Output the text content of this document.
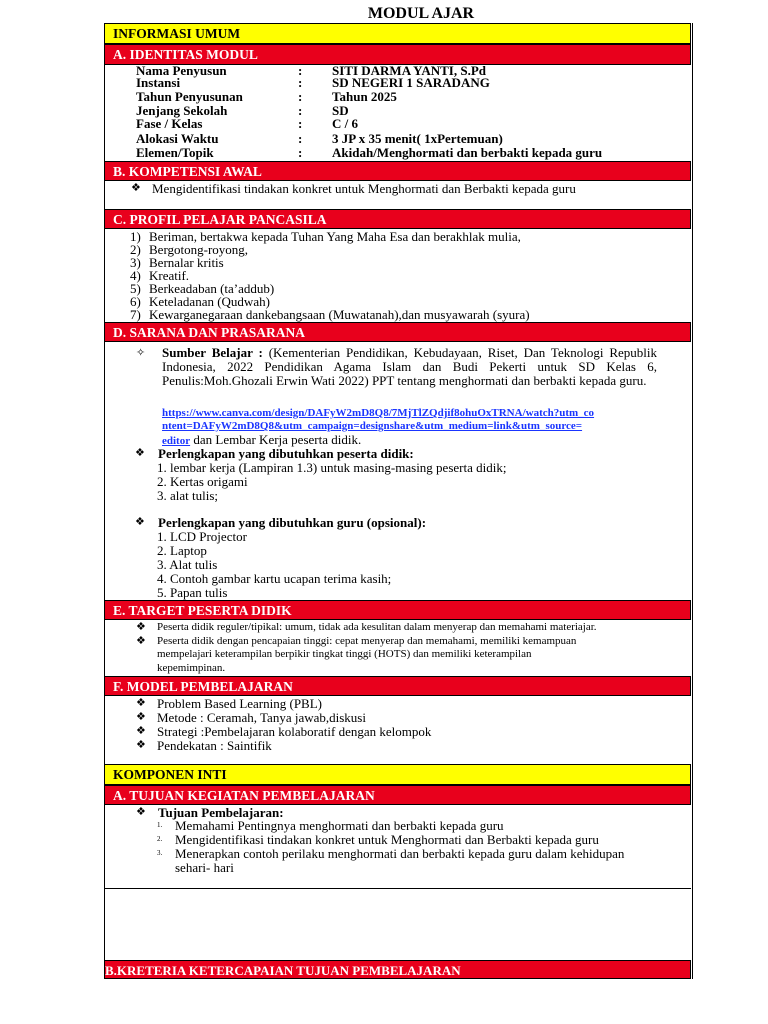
MODUL AJAR
INFORMASI UMUM
A. IDENTITAS MODUL
Nama Penyusun	: SITI DARMA YANTI, S.Pd
Instansi	: SD NEGERI 1 SARADANG
Tahun Penyusunan	: Tahun 2025
Jenjang Sekolah	: SD
Fase / Kelas	: C / 6
Alokasi Waktu	: 3 JP x 35 menit( 1xPertemuan)
Elemen/Topik	: Akidah/Menghormati dan berbakti kepada guru
B. KOMPETENSI AWAL
❖ Mengidentifikasi tindakan konkret untuk Menghormati dan Berbakti kepada guru
C. PROFIL PELAJAR PANCASILA
1) Beriman, bertakwa kepada Tuhan Yang Maha Esa dan berakhlak mulia,
2) Bergotong-royong,
3) Bernalar kritis
4) Kreatif.
5) Berkeadaban (ta’addub)
6) Keteladanan (Qudwah)
7) Kewarganegaraan dankebangsaan (Muwatanah),dan musyawarah (syura)
D. SARANA DAN PRASARANA
✧ Sumber Belajar : (Kementerian Pendidikan, Kebudayaan, Riset, Dan Teknologi Republik Indonesia, 2022 Pendidikan Agama Islam dan Budi Pekerti untuk SD Kelas 6, Penulis:Moh.Ghozali Erwin Wati 2022) PPT tentang menghormati dan berbakti kepada guru.
https://www.canva.com/design/DAFyW2mD8Q8/7MjTlZQdjif8ohuOxTRNA/watch?utm_co
ntent=DAFyW2mD8Q8&utm_campaign=designshare&utm_medium=link&utm_source=
editor dan Lembar Kerja peserta didik.
❖ Perlengkapan yang dibutuhkan peserta didik:
1. lembar kerja (Lampiran 1.3) untuk masing-masing peserta didik;
2. Kertas origami
3. alat tulis;
❖ Perlengkapan yang dibutuhkan guru (opsional):
1. LCD Projector
2. Laptop
3. Alat tulis
4. Contoh gambar kartu ucapan terima kasih;
5. Papan tulis
E. TARGET PESERTA DIDIK
❖ Peserta didik reguler/tipikal: umum, tidak ada kesulitan dalam menyerap dan memahami materiajar.
❖ Peserta didik dengan pencapaian tinggi: cepat menyerap dan memahami, memiliki kemampuan
mempelajari keterampilan berpikir tingkat tinggi (HOTS) dan memiliki keterampilan
kepemimpinan.
F. MODEL PEMBELAJARAN
❖ Problem Based Learning (PBL)
❖ Metode : Ceramah, Tanya jawab,diskusi
❖ Strategi :Pembelajaran kolaboratif dengan kelompok
❖ Pendekatan : Saintifik
KOMPONEN INTI
A. TUJUAN KEGIATAN PEMBELAJARAN
❖ Tujuan Pembelajaran:
1. Memahami Pentingnya menghormati dan berbakti kepada guru
2. Mengidentifikasi tindakan konkret untuk Menghormati dan Berbakti kepada guru
3. Menerapkan contoh perilaku menghormati dan berbakti kepada guru dalam kehidupan
sehari- hari
B.KRETERIA KETERCAPAIAN TUJUAN PEMBELAJARAN
